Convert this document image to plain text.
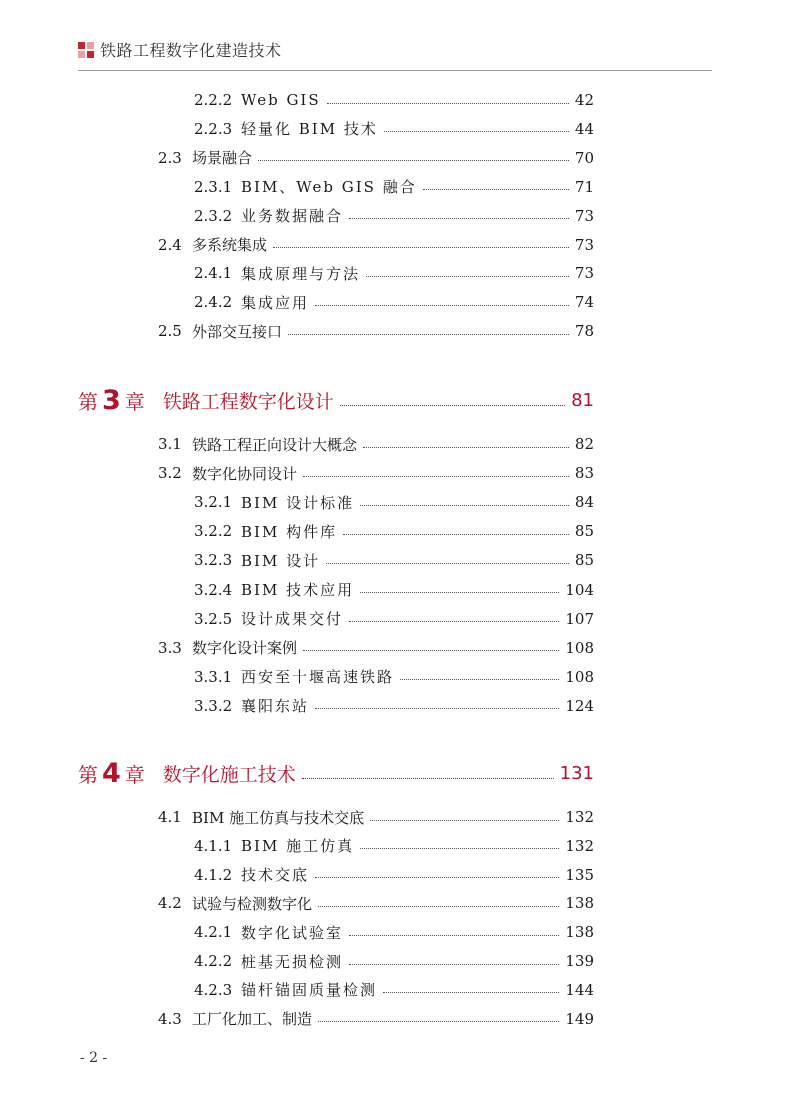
铁路工程数字化建造技术
2.2.2 Web GIS	42
2.2.3 轻量化 BIM 技术	44
2.3 场景融合	70
2.3.1 BIM、Web GIS 融合	71
2.3.2 业务数据融合	73
2.4 多系统集成	73
2.4.1 集成原理与方法	73
2.4.2 集成应用	74
2.5 外部交互接口	78
第 3 章 铁路工程数字化设计	81
3.1 铁路工程正向设计大概念	82
3.2 数字化协同设计	83
3.2.1 BIM 设计标准	84
3.2.2 BIM 构件库	85
3.2.3 BIM 设计	85
3.2.4 BIM 技术应用	104
3.2.5 设计成果交付	107
3.3 数字化设计案例	108
3.3.1 西安至十堰高速铁路	108
3.3.2 襄阳东站	124
第 4 章 数字化施工技术	131
4.1 BIM 施工仿真与技术交底	132
4.1.1 BIM 施工仿真	132
4.1.2 技术交底	135
4.2 试验与检测数字化	138
4.2.1 数字化试验室	138
4.2.2 桩基无损检测	139
4.2.3 锚杆锚固质量检测	144
4.3 工厂化加工、制造	149
- 2 -
